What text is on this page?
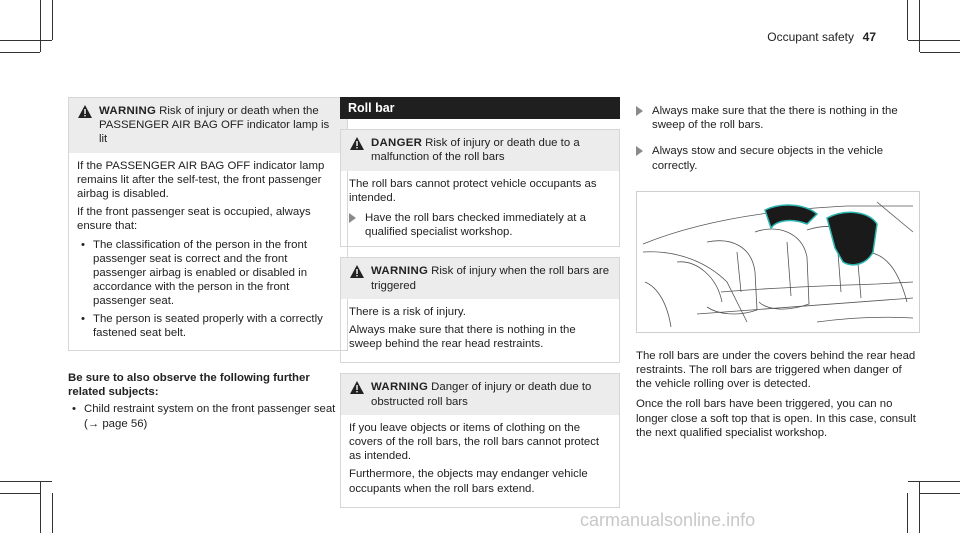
Occupant safety 47
WARNING Risk of injury or death when the PASSENGER AIR BAG OFF indicator lamp is lit

If the PASSENGER AIR BAG OFF indicator lamp remains lit after the self-test, the front passenger airbag is disabled.

If the front passenger seat is occupied, always ensure that:

• The classification of the person in the front passenger seat is correct and the front passenger airbag is enabled or disabled in accordance with the person in the front passenger seat.
• The person is seated properly with a correctly fastened seat belt.
Be sure to also observe the following further related subjects:
• Child restraint system on the front passenger seat (→ page 56)
Roll bar
DANGER Risk of injury or death due to a malfunction of the roll bars

The roll bars cannot protect vehicle occupants as intended.

Have the roll bars checked immediately at a qualified specialist workshop.
WARNING Risk of injury when the roll bars are triggered

There is a risk of injury.

Always make sure that there is nothing in the sweep behind the rear head restraints.

WARNING Danger of injury or death due to obstructed roll bars

If you leave objects or items of clothing on the covers of the roll bars, the roll bars cannot protect as intended.

Furthermore, the objects may endanger vehicle occupants when the roll bars extend.

Always make sure that the there is nothing in the sweep of the roll bars.
Always stow and secure objects in the vehicle correctly.

The roll bars are under the covers behind the rear head restraints. The roll bars are triggered when danger of the vehicle rolling over is detected.

Once the roll bars have been triggered, you can no longer close a soft top that is open. In this case, consult the next qualified specialist workshop.

carmanualsonline.info
